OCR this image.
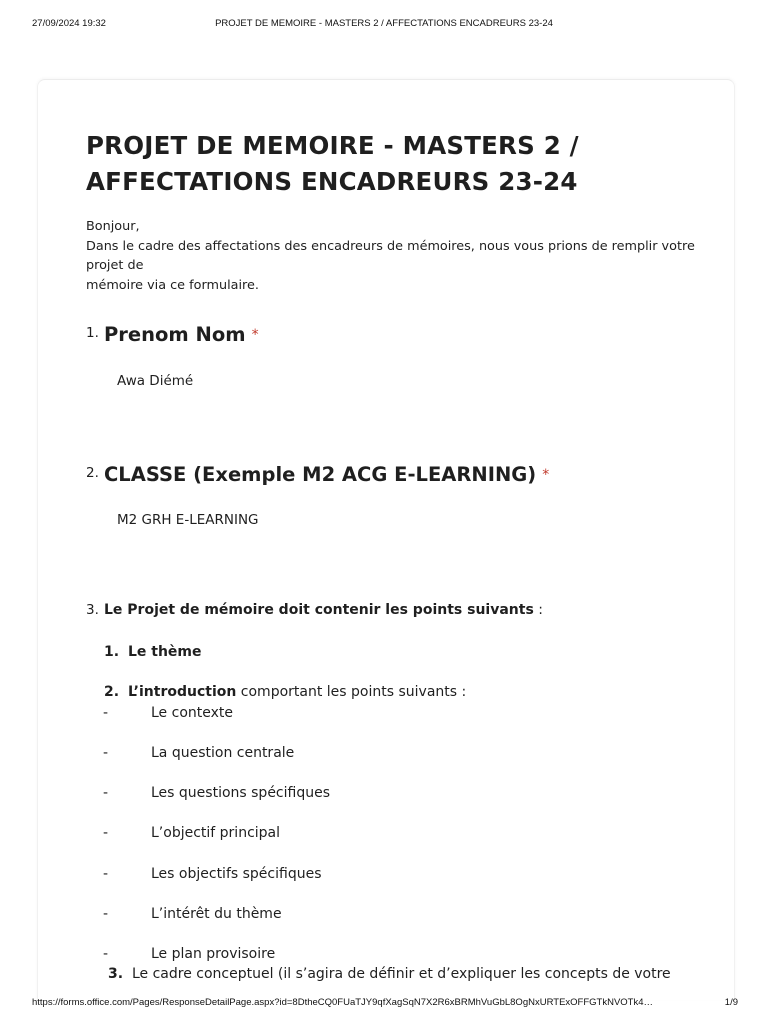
27/09/2024 19:32	PROJET DE MEMOIRE - MASTERS 2 / AFFECTATIONS ENCADREURS 23-24
PROJET DE MEMOIRE - MASTERS 2 /
AFFECTATIONS ENCADREURS 23-24
Bonjour,
Dans le cadre des affectations des encadreurs de mémoires, nous vous prions de remplir votre projet de
mémoire via ce formulaire.
1. Prenom Nom *
Awa Diémé
2. CLASSE (Exemple M2 ACG E-LEARNING) *
M2 GRH E-LEARNING
3. Le Projet de mémoire doit contenir les points suivants :
1. Le thème
2. L’introduction comportant les points suivants :
-	Le contexte
-	La question centrale
-	Les questions spécifiques
-	L’objectif principal
-	Les objectifs spécifiques
-	L’intérêt du thème
-	Le plan provisoire
3. Le cadre conceptuel (il s’agira de définir et d’expliquer les concepts de votre
https://forms.office.com/Pages/ResponseDetailPage.aspx?id=8DtheCQ0FUaTJY9qfXagSqN7X2R6xBRMhVuGbL8OgNxURTExOFFGTkNVOTk4…	1/9
